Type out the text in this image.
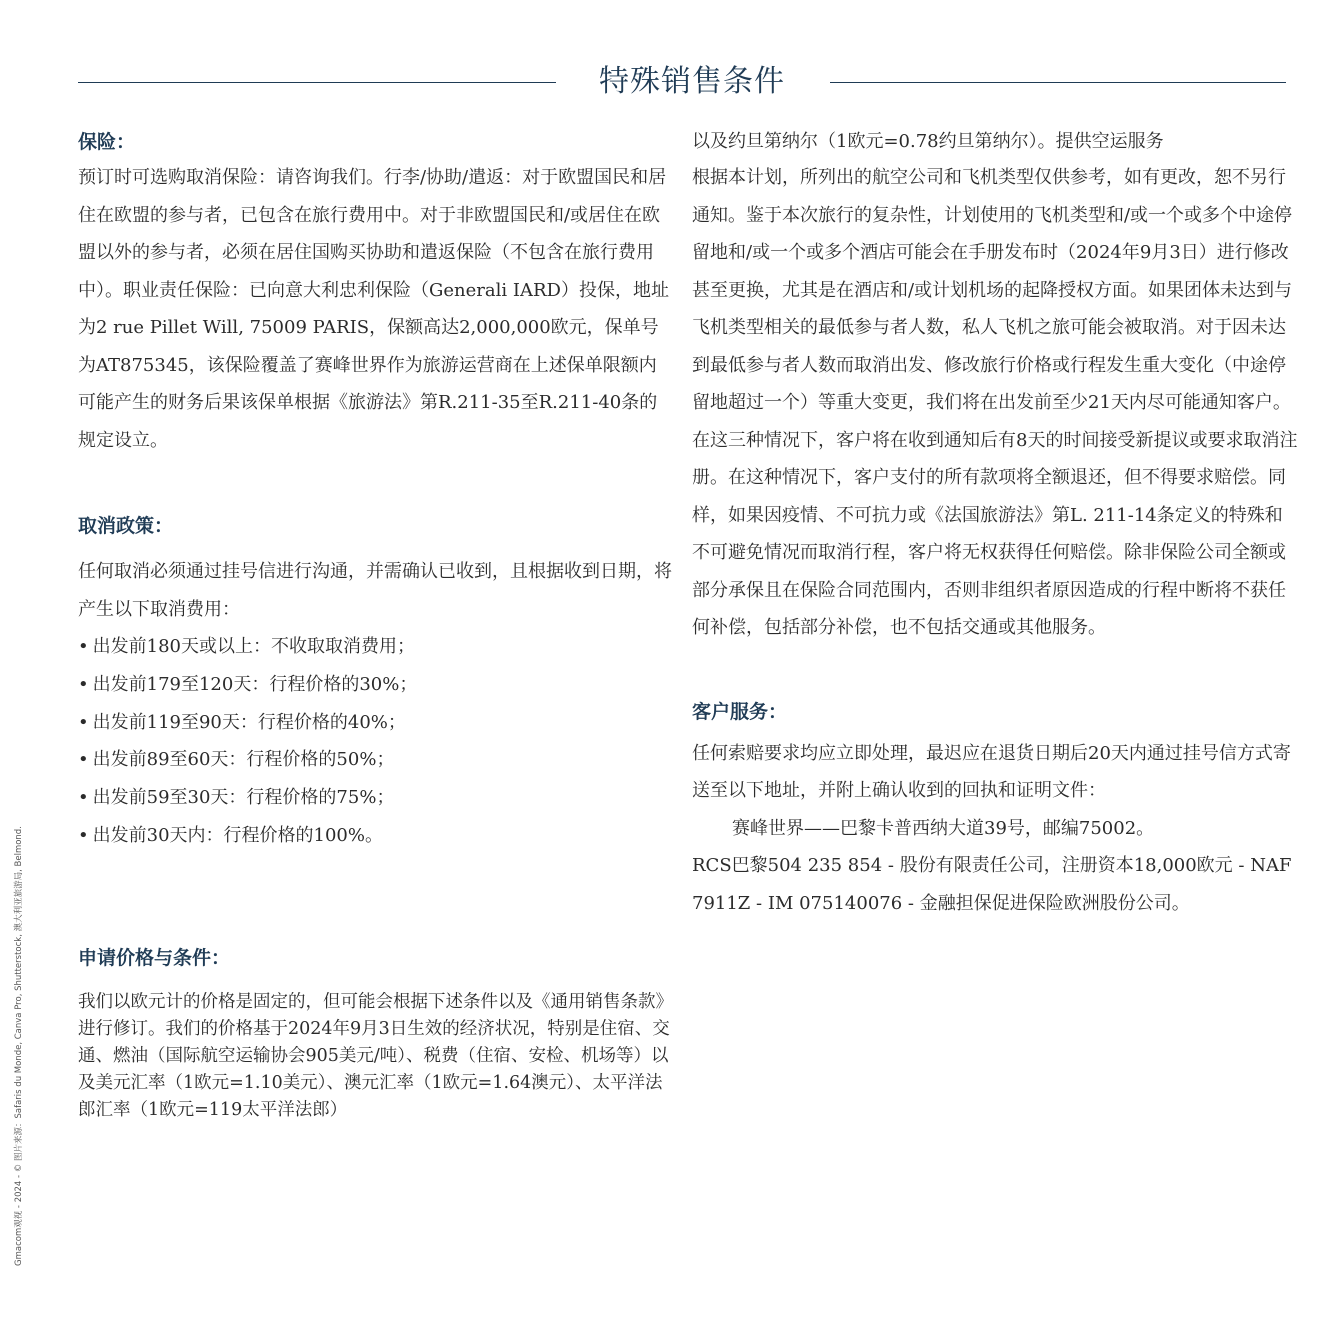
特殊销售条件
保险：

预订时可选购取消保险：请咨询我们。行李/协助/遣返：对于欧盟国民和居住在欧盟的参与者，已包含在旅行费用中。对于非欧盟国民和/或居住在欧盟以外的参与者，必须在居住国购买协助和遣返保险（不包含在旅行费用中）。职业责任保险：已向意大利忠利保险（Generali IARD）投保，地址为2 rue Pillet Will, 75009 PARIS，保额高达2,000,000欧元，保单号为AT875345，该保险覆盖了赛峰世界作为旅游运营商在上述保单限额内可能产生的财务后果该保单根据《旅游法》第R.211-35至R.211-40条的规定设立。

取消政策：

任何取消必须通过挂号信进行沟通，并需确认已收到，且根据收到日期，将产生以下取消费用：

• 出发前180天或以上：不收取取消费用；
• 出发前179至120天：行程价格的30%；
• 出发前119至90天：行程价格的40%；
• 出发前89至60天：行程价格的50%；
• 出发前59至30天：行程价格的75%；
• 出发前30天内：行程价格的100%。
申请价格与条件：

我们以欧元计的价格是固定的，但可能会根据下述条件以及《通用销售条款》进行修订。我们的价格基于2024年9月3日生效的经济状况，特别是住宿、交通、燃油（国际航空运输协会905美元/吨）、税费（住宿、安检、机场等）以及美元汇率（1欧元=1.10美元）、澳元汇率（1欧元=1.64澳元）、太平洋法郎汇率（1欧元=119太平洋法郎）

以及约旦第纳尔（1欧元=0.78约旦第纳尔）。提供空运服务

根据本计划，所列出的航空公司和飞机类型仅供参考，如有更改，恕不另行通知。鉴于本次旅行的复杂性，计划使用的飞机类型和/或一个或多个中途停留地和/或一个或多个酒店可能会在手册发布时（2024年9月3日）进行修改甚至更换，尤其是在酒店和/或计划机场的起降授权方面。如果团体未达到与飞机类型相关的最低参与者人数，私人飞机之旅可能会被取消。对于因未达到最低参与者人数而取消出发、修改旅行价格或行程发生重大变化（中途停留地超过一个）等重大变更，我们将在出发前至少21天内尽可能通知客户。在这三种情况下，客户将在收到通知后有8天的时间接受新提议或要求取消注册。在这种情况下，客户支付的所有款项将全额退还，但不得要求赔偿。同样，如果因疫情、不可抗力或《法国旅游法》第L. 211-14条定义的特殊和不可避免情况而取消行程，客户将无权获得任何赔偿。除非保险公司全额或部分承保且在保险合同范围内，否则非组织者原因造成的行程中断将不获任何补偿，包括部分补偿，也不包括交通或其他服务。

客户服务：

任何索赔要求均应立即处理，最迟应在退货日期后20天内通过挂号信方式寄送至以下地址，并附上确认收到的回执和证明文件：

赛峰世界——巴黎卡普西纳大道39号，邮编75002。

RCS巴黎504 235 854 - 股份有限责任公司，注册资本18,000欧元 - NAF 7911Z - IM 075140076 - 金融担保促进保险欧洲股份公司。

Gmacom观视 - 2024 - © 图片来源：Safaris du Monde, Canva Pro, Shutterstock, 澳大利亚旅游局, Belmond.
